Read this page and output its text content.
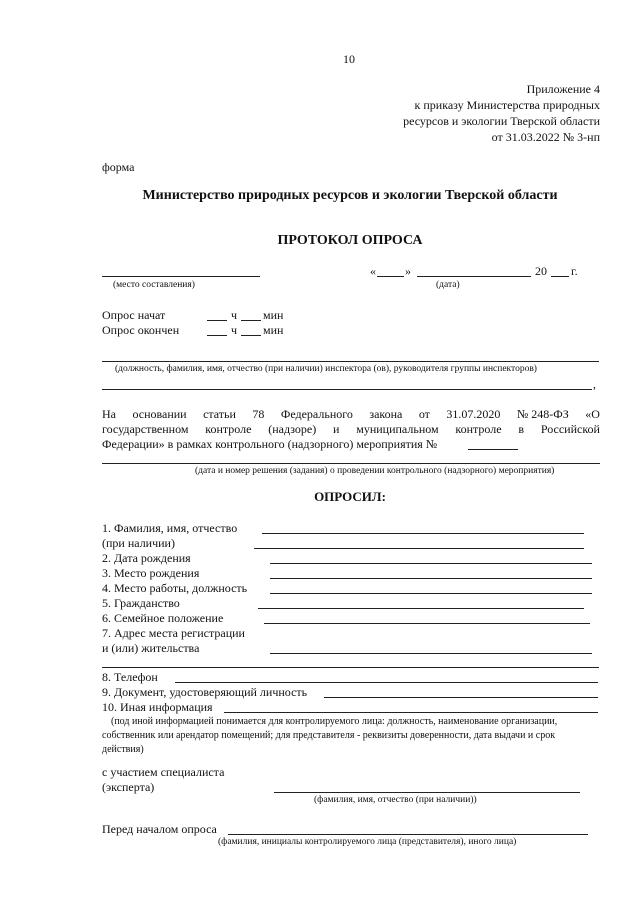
10
Приложение 4
к приказу Министерства природных
ресурсов и экологии Тверской области
от 31.03.2022 № 3-нп
форма
Министерство природных ресурсов и экологии Тверской области
ПРОТОКОЛ ОПРОСА
(место составления)
« »	20 г.
(дата)
Опрос начат	ч мин
Опрос окончен	ч мин
(должность, фамилия, имя, отчество (при наличии) инспектора (ов), руководителя группы инспекторов)
,
На основании статьи 78 Федерального закона от 31.07.2020 № 248-ФЗ «О
государственном контроле (надзоре) и муниципальном контроле в Российской
Федерации» в рамках контрольного (надзорного) мероприятия №
(дата и номер решения (задания) о проведении контрольного (надзорного) мероприятия)
ОПРОСИЛ:
1. Фамилия, имя, отчество
(при наличии)
2. Дата рождения
3. Место рождения
4. Место работы, должность
5. Гражданство
6. Семейное положение
7. Адрес места регистрации
и (или) жительства
8. Телефон
9. Документ, удостоверяющий личность
10. Иная информация
(под иной информацией понимается для контролируемого лица: должность, наименование организации,
собственник или арендатор помещений; для представителя - реквизиты доверенности, дата выдачи и срок
действия)
с участием специалиста
(эксперта)
(фамилия, имя, отчество (при наличии))
Перед началом опроса
(фамилия, инициалы контролируемого лица (представителя), иного лица)
